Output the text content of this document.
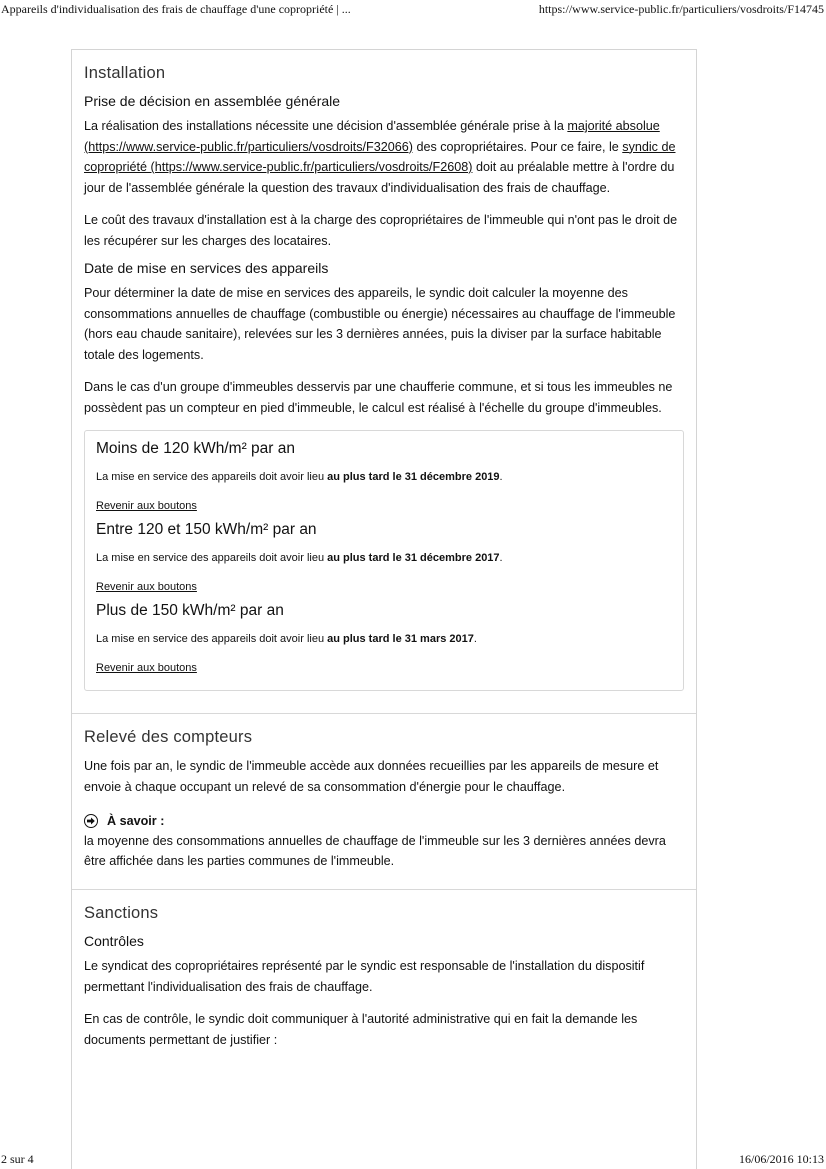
Appareils d'individualisation des frais de chauffage d'une copropriété | ...	https://www.service-public.fr/particuliers/vosdroits/F14745
Installation
Prise de décision en assemblée générale

La réalisation des installations nécessite une décision d'assemblée générale prise à la majorité absolue (https://www.service-public.fr/particuliers/vosdroits/F32066) des copropriétaires. Pour ce faire, le syndic de copropriété (https://www.service-public.fr/particuliers/vosdroits/F2608) doit au préalable mettre à l'ordre du jour de l'assemblée générale la question des travaux d'individualisation des frais de chauffage.

Le coût des travaux d'installation est à la charge des copropriétaires de l'immeuble qui n'ont pas le droit de les récupérer sur les charges des locataires.

Date de mise en services des appareils

Pour déterminer la date de mise en services des appareils, le syndic doit calculer la moyenne des consommations annuelles de chauffage (combustible ou énergie) nécessaires au chauffage de l'immeuble (hors eau chaude sanitaire), relevées sur les 3 dernières années, puis la diviser par la surface habitable totale des logements.

Dans le cas d'un groupe d'immeubles desservis par une chaufferie commune, et si tous les immeubles ne possèdent pas un compteur en pied d'immeuble, le calcul est réalisé à l'échelle du groupe d'immeubles.

Moins de 120 kWh/m² par an

La mise en service des appareils doit avoir lieu au plus tard le 31 décembre 2019.

Revenir aux boutons
Entre 120 et 150 kWh/m² par an

La mise en service des appareils doit avoir lieu au plus tard le 31 décembre 2017.

Revenir aux boutons
Plus de 150 kWh/m² par an

La mise en service des appareils doit avoir lieu au plus tard le 31 mars 2017.

Revenir aux boutons
Relevé des compteurs

Une fois par an, le syndic de l'immeuble accède aux données recueillies par les appareils de mesure et envoie à chaque occupant un relevé de sa consommation d'énergie pour le chauffage.

À savoir :
la moyenne des consommations annuelles de chauffage de l'immeuble sur les 3 dernières années devra être affichée dans les parties communes de l'immeuble.
Sanctions
Contrôles

Le syndicat des copropriétaires représenté par le syndic est responsable de l'installation du dispositif permettant l'individualisation des frais de chauffage.

En cas de contrôle, le syndic doit communiquer à l'autorité administrative qui en fait la demande les documents permettant de justifier :

2 sur 4	16/06/2016 10:13
